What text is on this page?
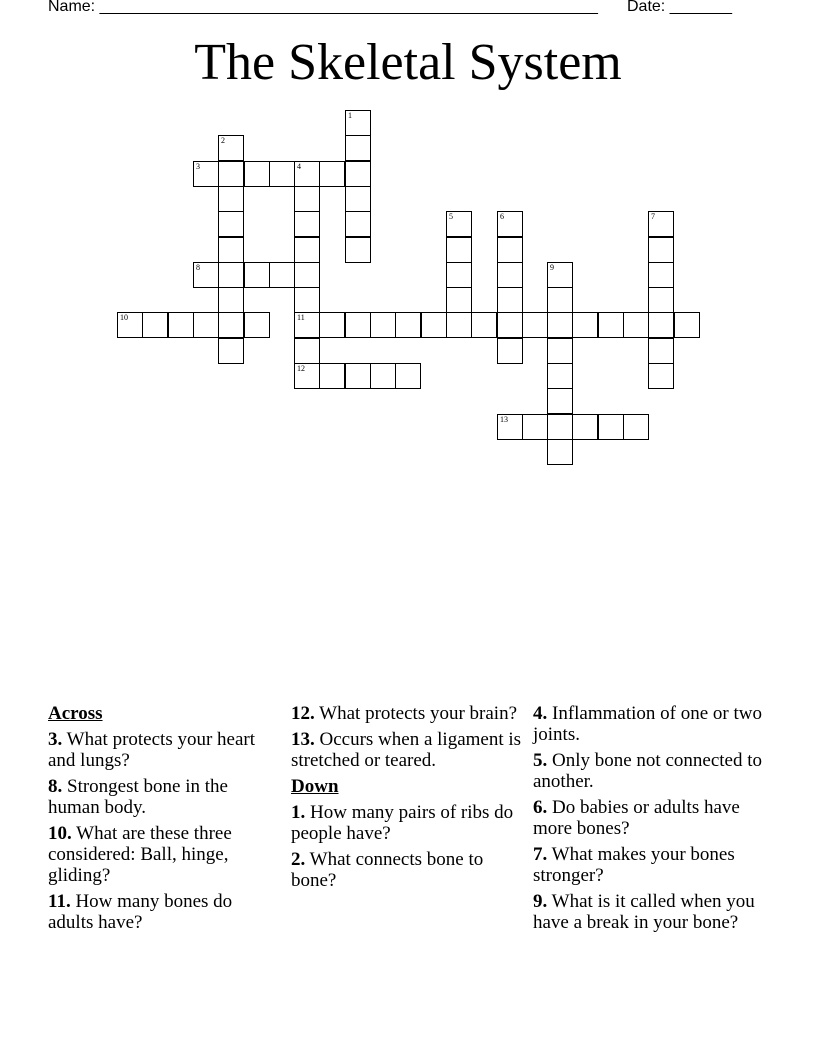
Name: ________________________________________________________ Date: _______
The Skeletal System
1
2
3	4
11
12
5	6	7
8	9
10
13
Across
3. What protects your heart and lungs?
8. Strongest bone in the human body.
10. What are these three considered: Ball, hinge, gliding?
11. How many bones do adults have?
12. What protects your brain?
13. Occurs when a ligament is stretched or teared.
Down
1. How many pairs of ribs do people have?
2. What connects bone to bone?
4. Inflammation of one or two joints.
5. Only bone not connected to another.
6. Do babies or adults have more bones?
7. What makes your bones stronger?
9. What is it called when you have a break in your bone?
